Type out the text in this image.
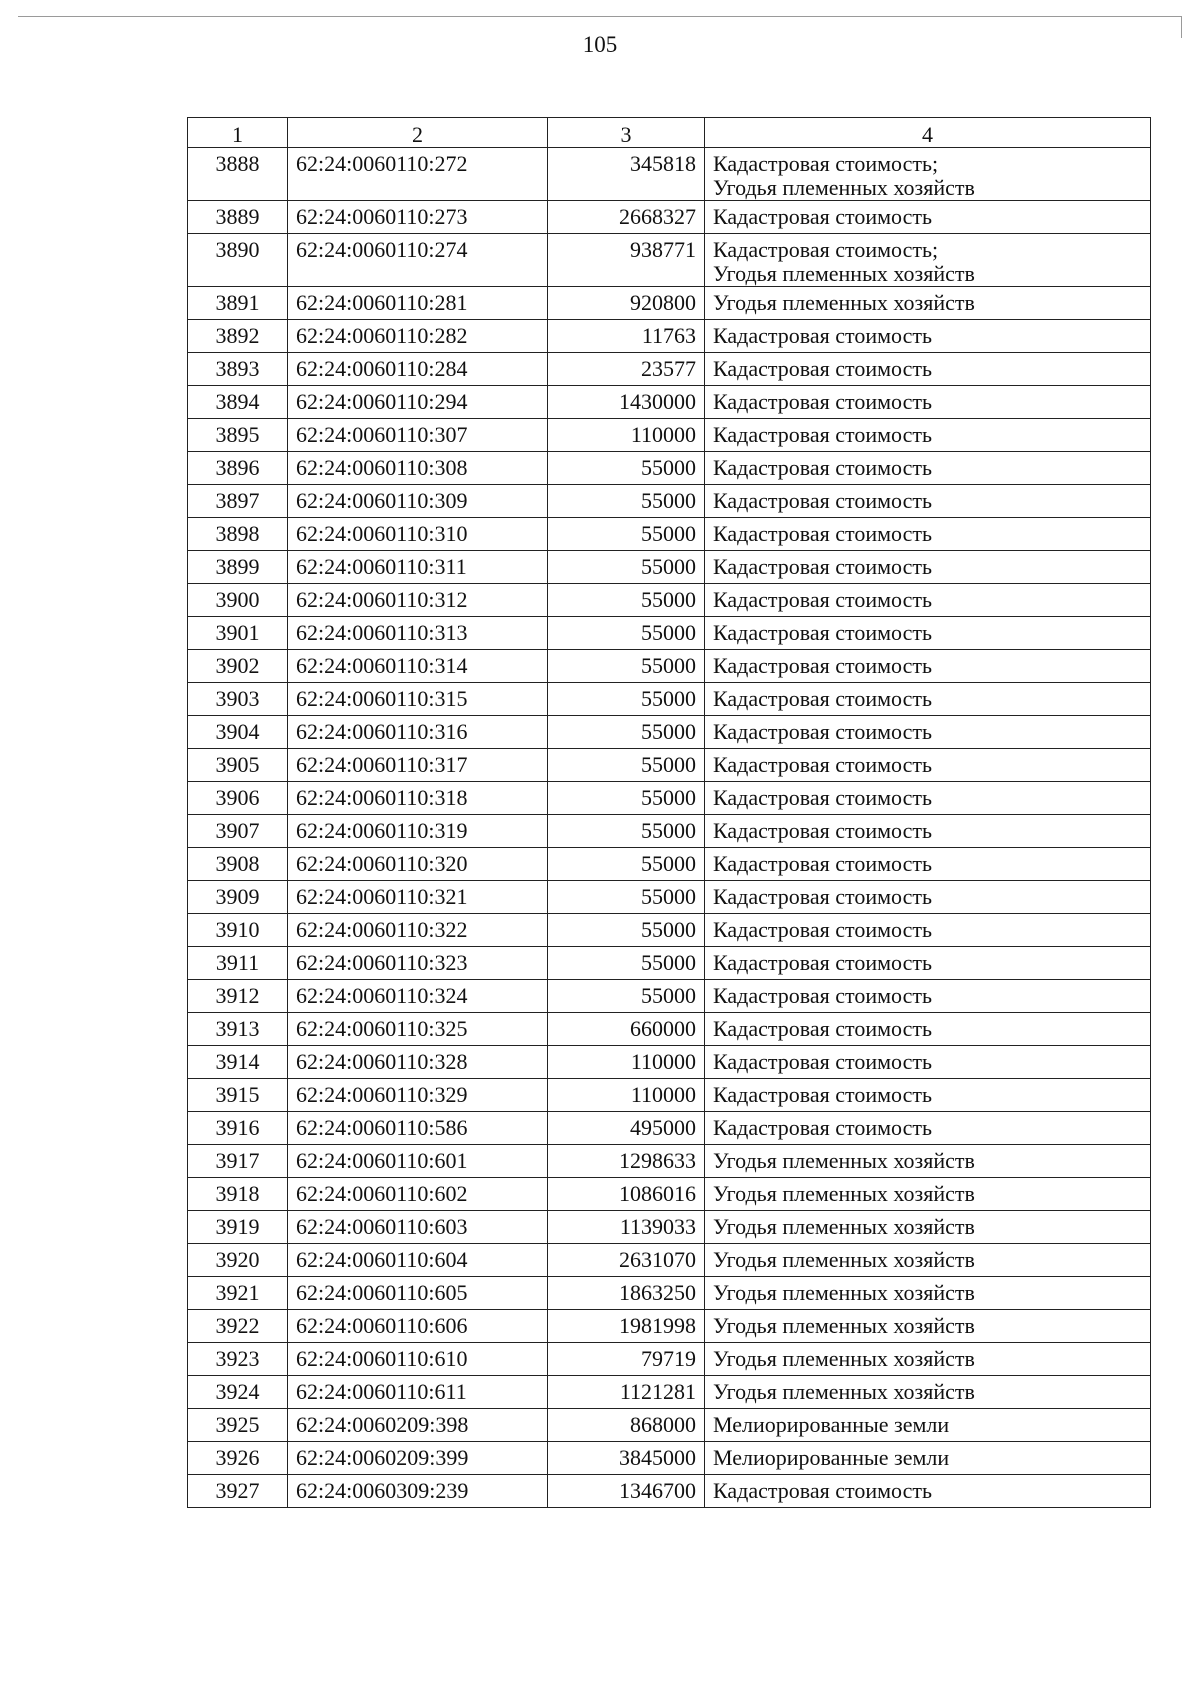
105
1	2	3	4
3888	62:24:0060110:272	345818	Кадастровая стоимость;
Угодья племенных хозяйств

3889	62:24:0060110:273	2668327	Кадастровая стоимость

3890	62:24:0060110:274	938771	Кадастровая стоимость;
Угодья племенных хозяйств

3891	62:24:0060110:281	920800	Угодья племенных хозяйств

3892	62:24:0060110:282	11763	Кадастровая стоимость

3893	62:24:0060110:284	23577	Кадастровая стоимость

3894	62:24:0060110:294	1430000	Кадастровая стоимость

3895	62:24:0060110:307	110000	Кадастровая стоимость

3896	62:24:0060110:308	55000	Кадастровая стоимость

3897	62:24:0060110:309	55000	Кадастровая стоимость

3898	62:24:0060110:310	55000	Кадастровая стоимость

3899	62:24:0060110:311	55000	Кадастровая стоимость

3900	62:24:0060110:312	55000	Кадастровая стоимость

3901	62:24:0060110:313	55000	Кадастровая стоимость

3902	62:24:0060110:314	55000	Кадастровая стоимость

3903	62:24:0060110:315	55000	Кадастровая стоимость

3904	62:24:0060110:316	55000	Кадастровая стоимость

3905	62:24:0060110:317	55000	Кадастровая стоимость

3906	62:24:0060110:318	55000	Кадастровая стоимость

3907	62:24:0060110:319	55000	Кадастровая стоимость

3908	62:24:0060110:320	55000	Кадастровая стоимость

3909	62:24:0060110:321	55000	Кадастровая стоимость

3910	62:24:0060110:322	55000	Кадастровая стоимость

3911	62:24:0060110:323	55000	Кадастровая стоимость

3912	62:24:0060110:324	55000	Кадастровая стоимость

3913	62:24:0060110:325	660000	Кадастровая стоимость

3914	62:24:0060110:328	110000	Кадастровая стоимость

3915	62:24:0060110:329	110000	Кадастровая стоимость

3916	62:24:0060110:586	495000	Кадастровая стоимость

3917	62:24:0060110:601	1298633	Угодья племенных хозяйств

3918	62:24:0060110:602	1086016	Угодья племенных хозяйств

3919	62:24:0060110:603	1139033	Угодья племенных хозяйств

3920	62:24:0060110:604	2631070	Угодья племенных хозяйств

3921	62:24:0060110:605	1863250	Угодья племенных хозяйств

3922	62:24:0060110:606	1981998	Угодья племенных хозяйств

3923	62:24:0060110:610	79719	Угодья племенных хозяйств

3924	62:24:0060110:611	1121281	Угодья племенных хозяйств

3925	62:24:0060209:398	868000	Мелиорированные земли

3926	62:24:0060209:399	3845000	Мелиорированные земли

3927	62:24:0060309:239	1346700	Кадастровая стоимость
